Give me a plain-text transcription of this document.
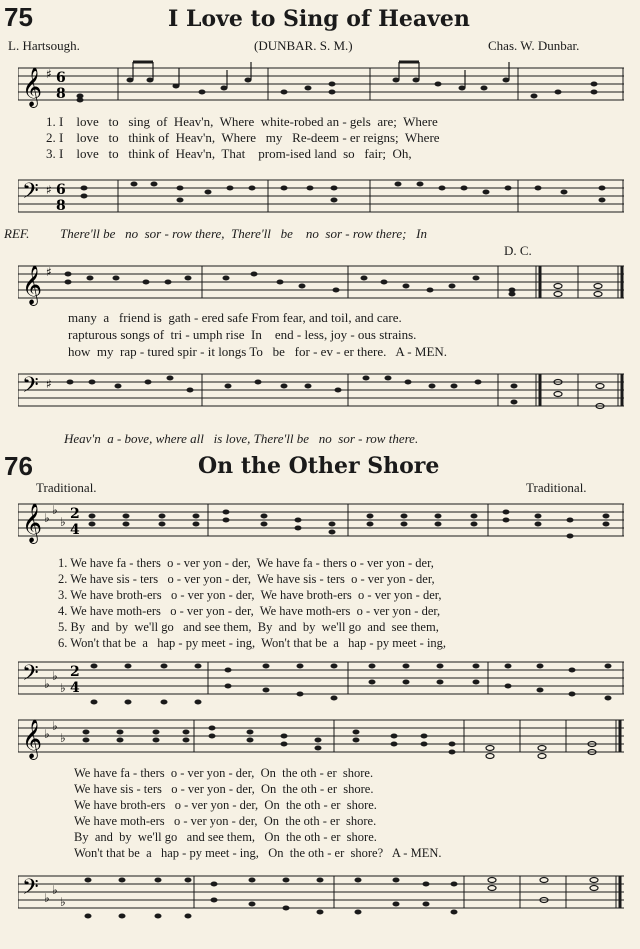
75	I Love to Sing of Heaven
L. Hartsough.	(DUNBAR. S. M.)	Chas. W. Dunbar.
𝄞 ♯ 6
8
1. I    love   to   sing  of  Heav'n,  Where  white-robed an - gels  are;  Where
2. I    love   to   think of  Heav'n,  Where   my   Re-deem - er reigns;  Where
3. I    love   to   think of  Heav'n,  That    prom-ised land  so   fair;  Oh,
𝄢 ♯ 6
8
REF. There'll be   no  sor - row there,  There'll   be    no  sor - row there;   In
D. C.
𝄞 ♯
many  a   friend is  gath - ered safe From fear, and toil, and care.
rapturous songs of  tri - umph rise  In    end - less, joy - ous strains.
how  my  rap - tured spir - it longs To   be   for - ev - er there.   A - MEN.
𝄢 ♯
Heav'n  a - bove, where all   is love, There'll be   no  sor - row there.
76	On the Other Shore
Traditional.	Traditional.
𝄞 ♭
♭
♭ 2
4
1. We have fa - thers  o - ver yon - der,  We have fa - thers o - ver yon - der,
2. We have sis - ters   o - ver yon - der,  We have sis - ters  o - ver yon - der,
3. We have broth-ers   o - ver yon - der,  We have broth-ers  o - ver yon - der,
4. We have moth-ers   o - ver yon - der,  We have moth-ers  o - ver yon - der,
5. By  and  by  we'll go   and see them,  By  and  by  we'll go  and  see them,
6. Won't that be  a   hap - py meet - ing,  Won't that be  a   hap - py meet - ing,
𝄢 ♭
♭
♭
2
4
𝄞 ♭
♭
♭
We have fa - thers  o - ver yon - der,  On  the oth - er  shore.
We have sis - ters   o - ver yon - der,  On  the oth - er  shore.
We have broth-ers   o - ver yon - der,  On  the oth - er  shore.
We have moth-ers   o - ver yon - der,  On  the oth - er  shore.
By  and  by  we'll go   and see them,   On  the oth - er  shore.
Won't that be  a   hap - py meet - ing,   On  the oth - er  shore?   A - MEN.
𝄢 ♭
♭
♭
